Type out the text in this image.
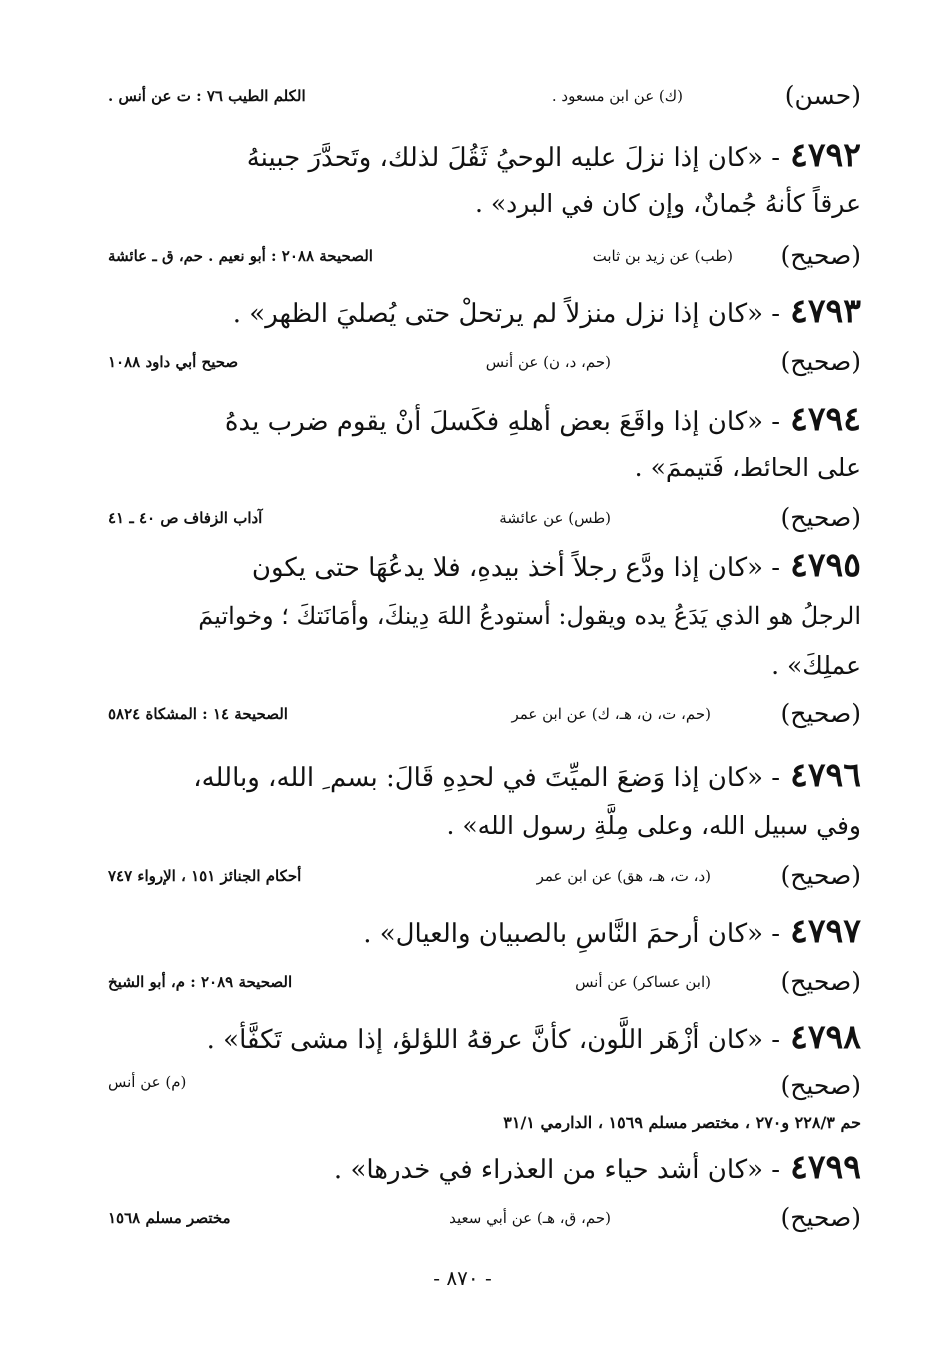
(حسن)
(ك) عن ابن مسعود .
الكلم الطيب ٧٦ : ت عن أنس .
٤٧٩٢- «كان إذا نزلَ عليه الوحيُ ثَقُلَ لذلك، وتَحدَّرَ جبينهُ
عرقاً كأنهُ جُمانٌ، وإن كان في البرد» .
(صحيح)
(طب) عن زيد بن ثابت
الصحيحة ٢٠٨٨ : أبو نعيم . حم، ق ـ عائشة
٤٧٩٣- «كان إذا نزل منزلاً لم يرتحلْ حتى يُصليَ الظهر» .
(صحيح)
(حم، د، ن) عن أنس
صحيح أبي داود ١٠٨٨
٤٧٩٤- «كان إذا واقَعَ بعض أهلهِ فكَسلَ أنْ يقوم ضرب يدهُ
على الحائط، فَتيممَ» .
(صحيح)
(طس) عن عائشة
آداب الزفاف ص ٤٠ ـ ٤١
٤٧٩٥- «كان إذا ودَّع رجلاً أخذ بيدهِ، فلا يدعُهَا حتى يكون
الرجلُ هو الذي يَدَعُ يده ويقول: أستودعُ اللهَ دِينكَ، وأمَانَتكَ ؛ وخواتيمَ
عملِكَ» .
(صحيح)
(حم، ت، ن، هـ، ك) عن ابن عمر
الصحيحة ١٤ : المشكاة ٥٨٢٤
٤٧٩٦- «كان إذا وَضعَ الميِّتَ في لحدِهِ قَالَ: بسم ِ الله، وبالله،
وفي سبيل الله، وعلى مِلَّةِ رسول الله» .
(صحيح)
(د، ت، هـ، هق) عن ابن عمر
أحكام الجنائز ١٥١ ، الإرواء ٧٤٧
٤٧٩٧- «كان أرحمَ النَّاسِ بالصبيان والعيال» .
(صحيح)
(ابن عساكر) عن أنس
الصحيحة ٢٠٨٩ : م، أبو الشيخ
٤٧٩٨- «كان أزْهَر اللَّون، كأنَّ عرقهُ اللؤلؤ، إذا مشى تَكفَّأ» .
(صحيح)
(م) عن أنس
حم ٢٢٨/٣ و٢٧٠ ، مختصر مسلم ١٥٦٩ ، الدارمي ٣١/١
٤٧٩٩- «كان أشد حياء من العذراء في خدرها» .
(صحيح)
(حم، ق، هـ) عن أبي سعيد
مختصر مسلم ١٥٦٨
- ٨٧٠ -
